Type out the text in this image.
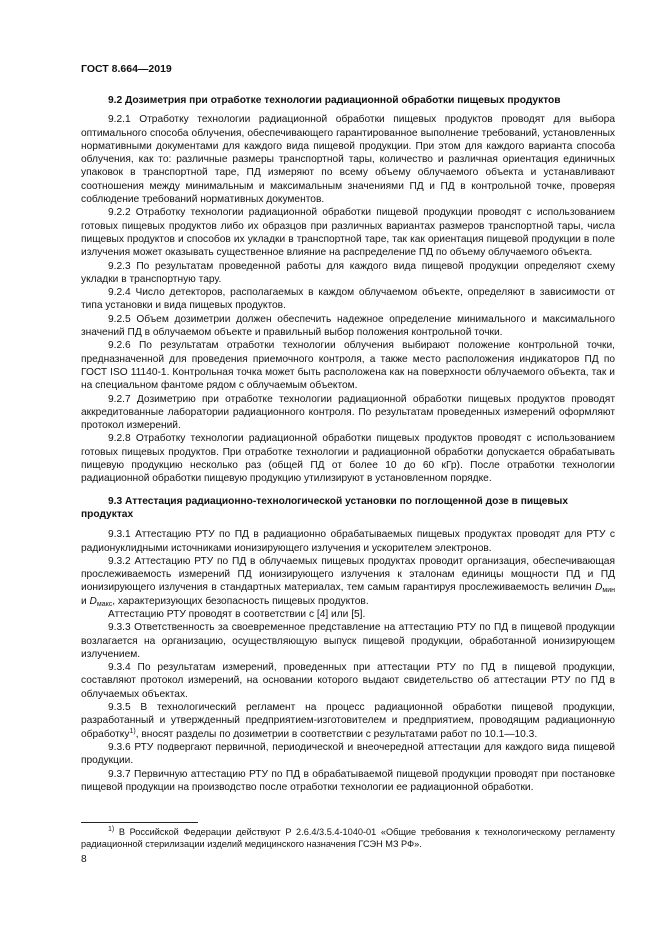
ГОСТ 8.664—2019
9.2 Дозиметрия при отработке технологии радиационной обработки пищевых продуктов

9.2.1 Отработку технологии радиационной обработки пищевых продуктов проводят для выбора оптимального способа облучения, обеспечивающего гарантированное выполнение требований, установленных нормативными документами для каждого вида пищевой продукции. При этом для каждого варианта способа облучения, как то: различные размеры транспортной тары, количество и различная ориентация единичных упаковок в транспортной таре, ПД измеряют по всему объему облучаемого объекта и устанавливают соотношения между минимальным и максимальным значениями ПД и ПД в контрольной точке, проверяя соблюдение требований нормативных документов.

9.2.2 Отработку технологии радиационной обработки пищевой продукции проводят с использованием готовых пищевых продуктов либо их образцов при различных вариантах размеров транспортной тары, числа пищевых продуктов и способов их укладки в транспортной таре, так как ориентация пищевой продукции в поле излучения может оказывать существенное влияние на распределение ПД по объему облучаемого объекта.

9.2.3 По результатам проведенной работы для каждого вида пищевой продукции определяют схему укладки в транспортную тару.

9.2.4 Число детекторов, располагаемых в каждом облучаемом объекте, определяют в зависимости от типа установки и вида пищевых продуктов.

9.2.5 Объем дозиметрии должен обеспечить надежное определение минимального и максимального значений ПД в облучаемом объекте и правильный выбор положения контрольной точки.

9.2.6 По результатам отработки технологии облучения выбирают положение контрольной точки, предназначенной для проведения приемочного контроля, а также место расположения индикаторов ПД по ГОСТ ISO 11140-1. Контрольная точка может быть расположена как на поверхности облучаемого объекта, так и на специальном фантоме рядом с облучаемым объектом.

9.2.7 Дозиметрию при отработке технологии радиационной обработки пищевых продуктов проводят аккредитованные лаборатории радиационного контроля. По результатам проведенных измерений оформляют протокол измерений.

9.2.8 Отработку технологии радиационной обработки пищевых продуктов проводят с использованием готовых пищевых продуктов. При отработке технологии и радиационной обработки допускается обрабатывать пищевую продукцию несколько раз (общей ПД от более 10 до 60 кГр). После отработки технологии радиационной обработки пищевую продукцию утилизируют в установленном порядке.

9.3 Аттестация радиационно-технологической установки по поглощенной дозе в пищевых продуктах

9.3.1 Аттестацию РТУ по ПД в радиационно обрабатываемых пищевых продуктах проводят для РТУ с радионуклидными источниками ионизирующего излучения и ускорителем электронов.

9.3.2 Аттестацию РТУ по ПД в облучаемых пищевых продуктах проводит организация, обеспечивающая прослеживаемость измерений ПД ионизирующего излучения к эталонам единицы мощности ПД и ПД ионизирующего излучения в стандартных материалах, тем самым гарантируя прослеживаемость величин $D_{мин}$ и $D_{макс}$, характеризующих безопасность пищевых продуктов.

Аттестацию РТУ проводят в соответствии с [4] или [5].

9.3.3 Ответственность за своевременное представление на аттестацию РТУ по ПД в пищевой продукции возлагается на организацию, осуществляющую выпуск пищевой продукции, обработанной ионизирующем излучением.

9.3.4 По результатам измерений, проведенных при аттестации РТУ по ПД в пищевой продукции, составляют протокол измерений, на основании которого выдают свидетельство об аттестации РТУ по ПД в облучаемых объектах.

9.3.5 В технологический регламент на процесс радиационной обработки пищевой продукции, разработанный и утвержденный предприятием-изготовителем и предприятием, проводящим радиационную обработку$^{1)}$, вносят разделы по дозиметрии в соответствии с результатами работ по 10.1—10.3.

9.3.6 РТУ подвергают первичной, периодической и внеочередной аттестации для каждого вида пищевой продукции.

9.3.7 Первичную аттестацию РТУ по ПД в обрабатываемой пищевой продукции проводят при постановке пищевой продукции на производство после отработки технологии ее радиационной обработки.

$^{1)}$ В Российской Федерации действуют Р 2.6.4/3.5.4-1040-01 «Общие требования к технологическому регламенту радиационной стерилизации изделий медицинского назначения ГСЭН МЗ РФ».
8
